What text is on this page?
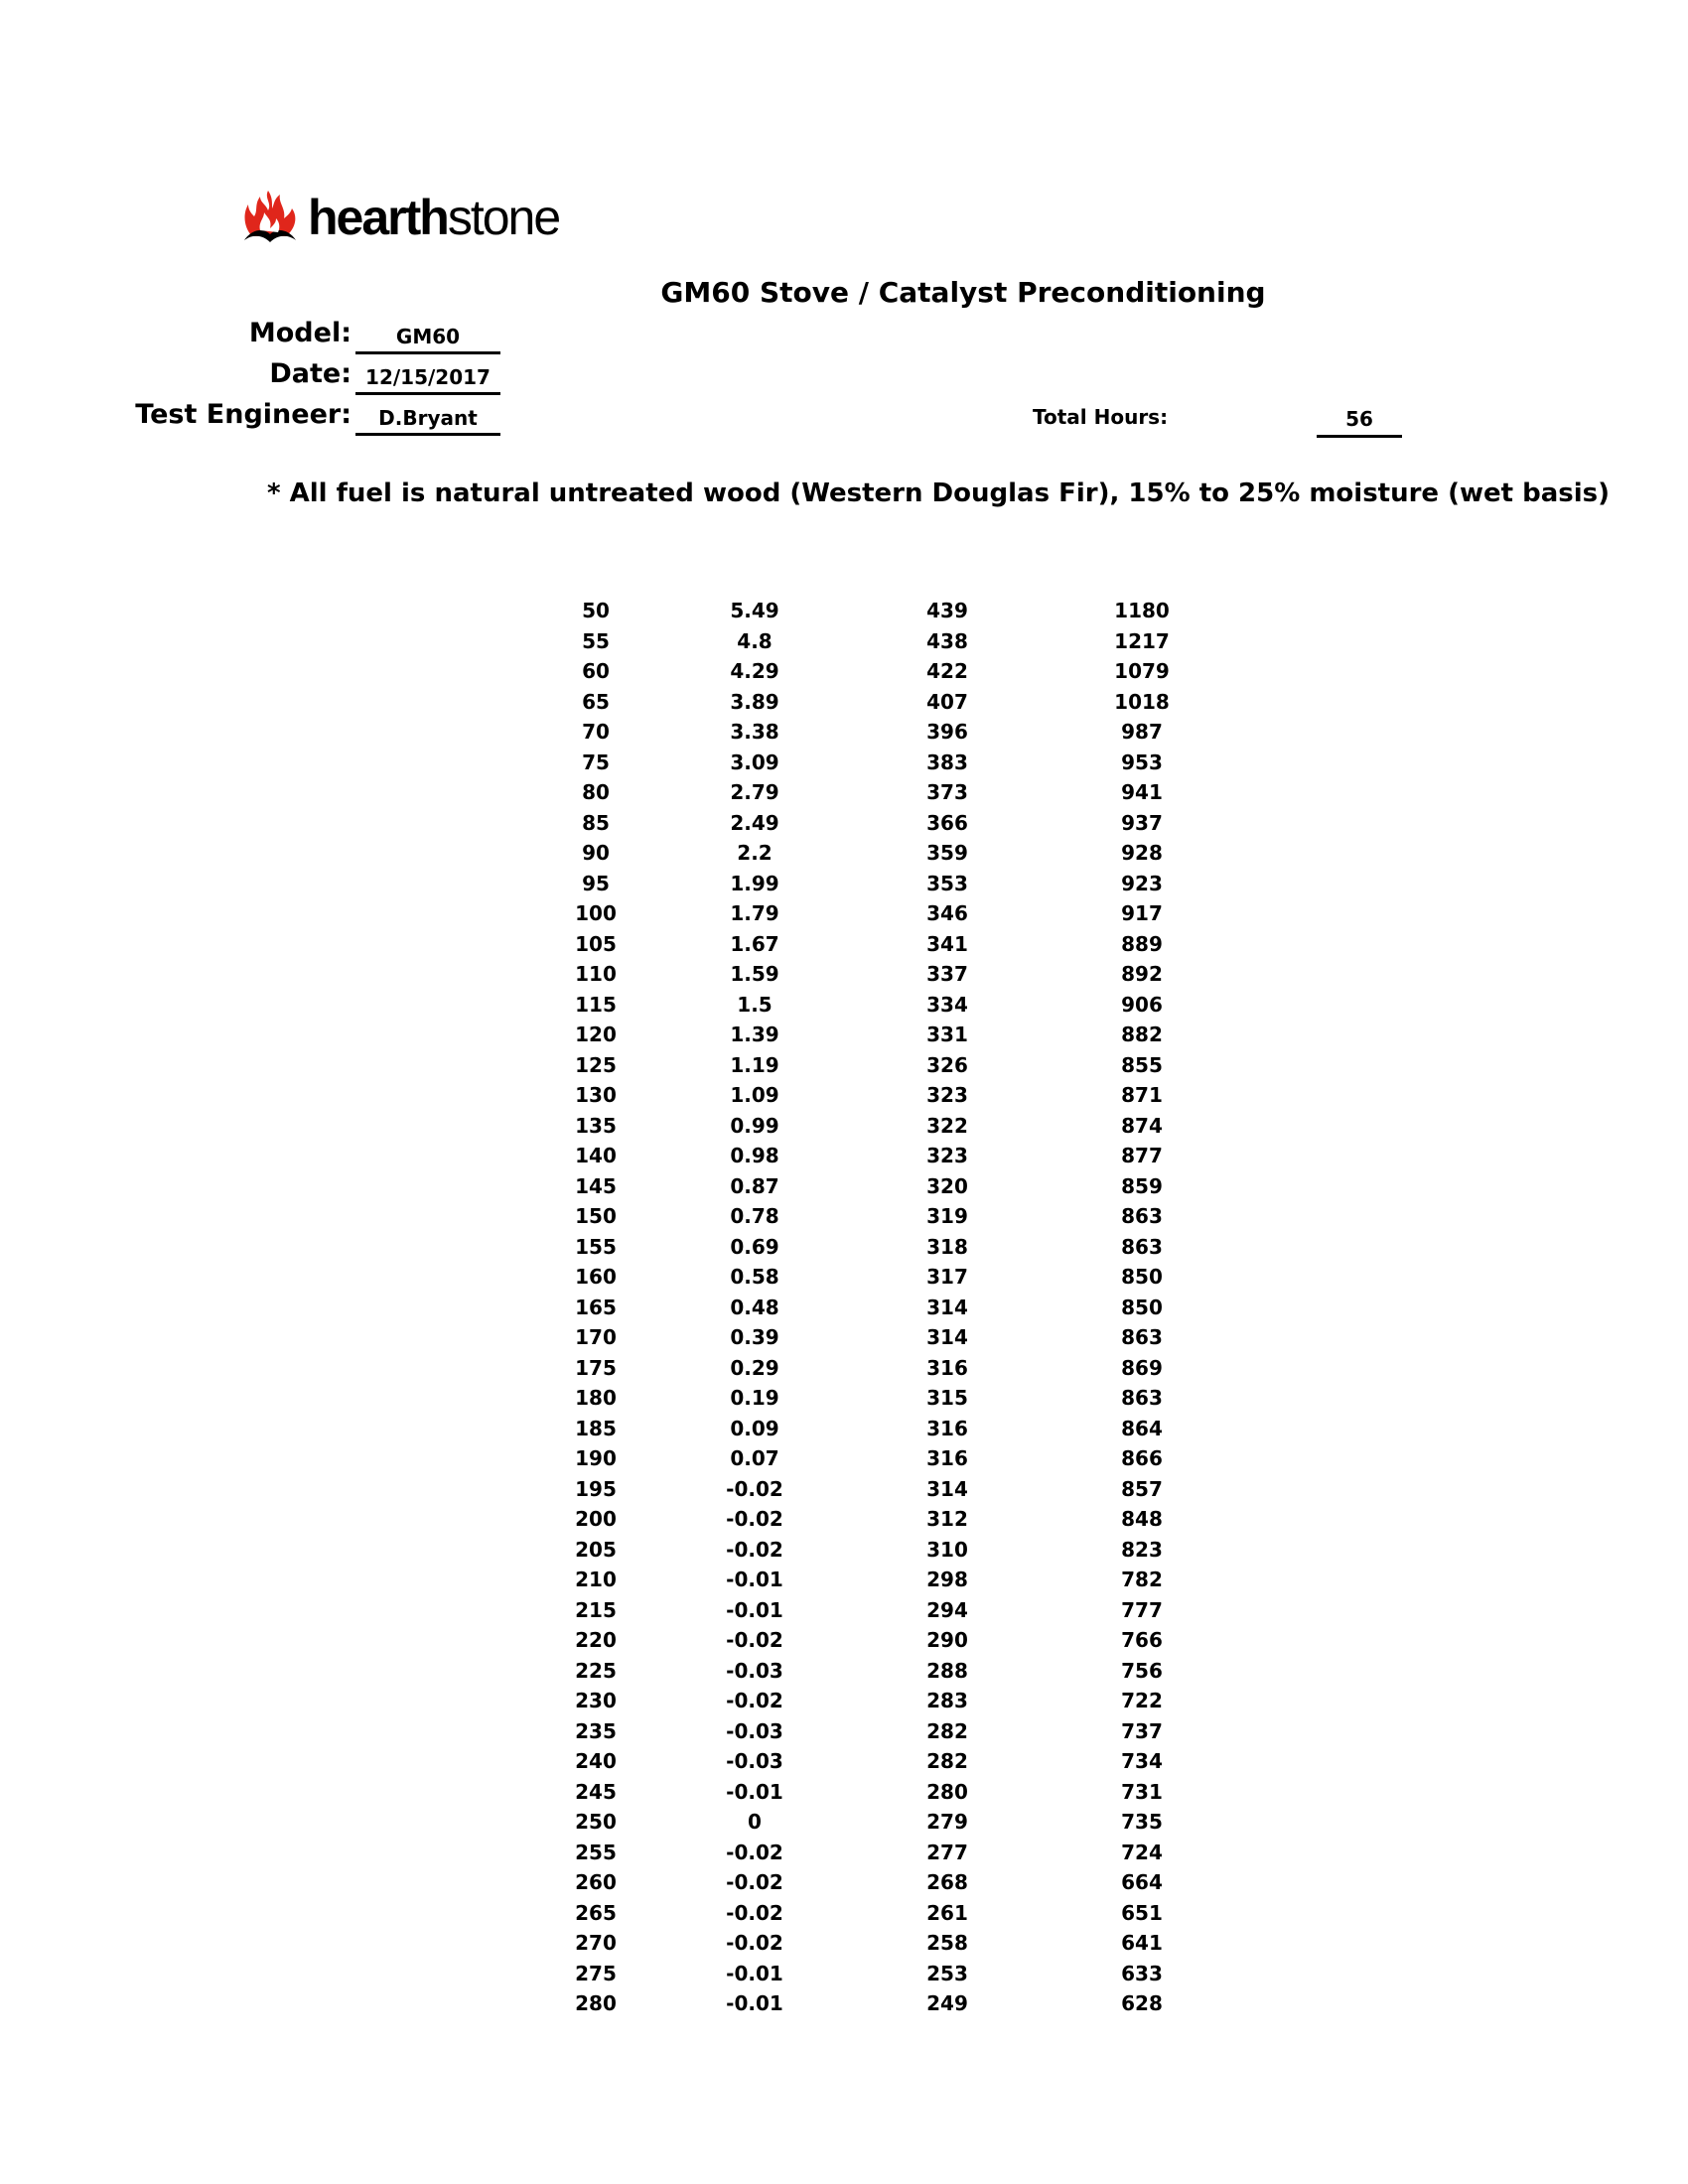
hearthstone
GM60 Stove / Catalyst Preconditioning
Model:	GM60
Date: 12/15/2017
Test Engineer:	D.Bryant	Total Hours:	56
* All fuel is natural untreated wood (Western Douglas Fir), 15% to 25% moisture (wet basis)
50	5.49	439	1180
55	4.8	438	1217
60	4.29	422	1079
65	3.89	407	1018
70	3.38	396	987
75	3.09	383	953
80	2.79	373	941
85	2.49	366	937
90	2.2	359	928
95	1.99	353	923
100	1.79	346	917
105	1.67	341	889
110	1.59	337	892
115	1.5	334	906
120	1.39	331	882
125	1.19	326	855
130	1.09	323	871
135	0.99	322	874
140	0.98	323	877
145	0.87	320	859
150	0.78	319	863
155	0.69	318	863
160	0.58	317	850
165	0.48	314	850
170	0.39	314	863
175	0.29	316	869
180	0.19	315	863
185	0.09	316	864
190	0.07	316	866
195	-0.02	314	857
200	-0.02	312	848
205	-0.02	310	823
210	-0.01	298	782
215	-0.01	294	777
220	-0.02	290	766
225	-0.03	288	756
230	-0.02	283	722
235	-0.03	282	737
240	-0.03	282	734
245	-0.01	280	731
250	0	279	735
255	-0.02	277	724
260	-0.02	268	664
265	-0.02	261	651
270	-0.02	258	641
275	-0.01	253	633
280	-0.01	249	628
